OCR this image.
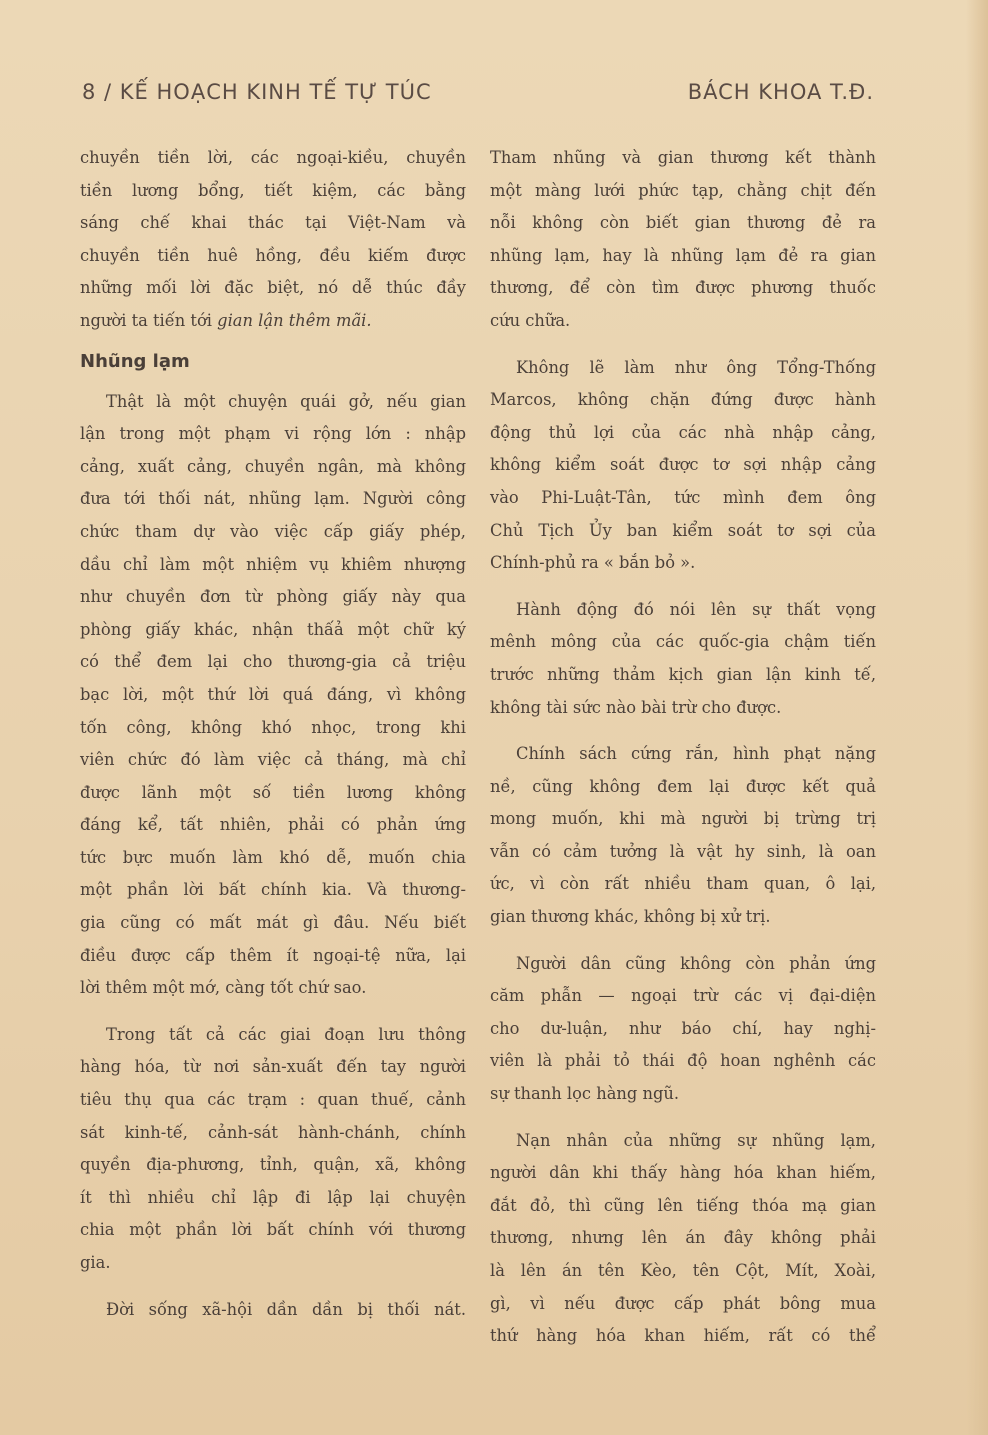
8 / KẾ HOẠCH KINH TẾ TỰ TÚC	BÁCH KHOA T.Đ.
chuyền tiền lời, các ngoại-kiều, chuyền
tiền lương bổng, tiết kiệm, các bằng
sáng chế khai thác tại Việt-Nam và
chuyền tiền huê hồng, đều kiếm được
những mối lời đặc biệt, nó dễ thúc đầy
người ta tiến tới gian lận thêm mãi.
Nhũng lạm
Thật là một chuyện quái gở, nếu gian
lận trong một phạm vi rộng lớn : nhập
cảng, xuất cảng, chuyền ngân, mà không
đưa tới thối nát, nhũng lạm. Người công
chức tham dự vào việc cấp giấy phép,
dầu chỉ làm một nhiệm vụ khiêm nhượng
như chuyền đơn từ phòng giấy này qua
phòng giấy khác, nhận thấả một chữ ký
có thể đem lại cho thương-gia cả triệu
bạc lời, một thứ lời quá đáng, vì không
tốn công, không khó nhọc, trong khi
viên chức đó làm việc cả tháng, mà chỉ
được lãnh một số tiền lương không
đáng kể, tất nhiên, phải có phản ứng
tức bực muốn làm khó dễ, muốn chia
một phần lời bất chính kia. Và thương-
gia cũng có mất mát gì đâu. Nếu biết
điều được cấp thêm ít ngoại-tệ nữa, lại
lời thêm một mớ, càng tốt chứ sao.
Trong tất cả các giai đoạn lưu thông
hàng hóa, từ nơi sản-xuất đến tay người
tiêu thụ qua các trạm : quan thuế, cảnh
sát kinh-tế, cảnh-sát hành-chánh, chính
quyền địa-phương, tỉnh, quận, xã, không
ít thì nhiều chỉ lập đi lập lại chuyện
chia một phần lời bất chính với thương
gia.
Đời sống xã-hội dần dần bị thối nát.
Tham nhũng và gian thương kết thành
một màng lưới phức tạp, chằng chịt đến
nỗi không còn biết gian thương đẻ ra
nhũng lạm, hay là nhũng lạm đẻ ra gian
thương, để còn tìm được phương thuốc
cứu chữa.
Không lẽ làm như ông Tổng-Thống
Marcos, không chặn đứng được hành
động thủ lợi của các nhà nhập cảng,
không kiểm soát được tơ sợi nhập cảng
vào Phi-Luật-Tân, tức mình đem ông
Chủ Tịch Ủy ban kiểm soát tơ sợi của
Chính-phủ ra « bắn bỏ ».
Hành động đó nói lên sự thất vọng
mênh mông của các quốc-gia chậm tiến
trước những thảm kịch gian lận kinh tế,
không tài sức nào bài trừ cho được.
Chính sách cứng rắn, hình phạt nặng
nề, cũng không đem lại được kết quả
mong muốn, khi mà người bị trừng trị
vẫn có cảm tưởng là vật hy sinh, là oan
ức, vì còn rất nhiều tham quan, ô lại,
gian thương khác, không bị xử trị.
Người dân cũng không còn phản ứng
căm phẫn — ngoại trừ các vị đại-diện
cho dư-luận, như báo chí, hay nghị-
viên là phải tỏ thái độ hoan nghênh các
sự thanh lọc hàng ngũ.
Nạn nhân của những sự nhũng lạm,
người dân khi thấy hàng hóa khan hiếm,
đắt đỏ, thì cũng lên tiếng thóa mạ gian
thương, nhưng lên án đây không phải
là lên án tên Kèo, tên Cột, Mít, Xoài,
gì, vì nếu được cấp phát bông mua
thứ hàng hóa khan hiếm, rất có thể
